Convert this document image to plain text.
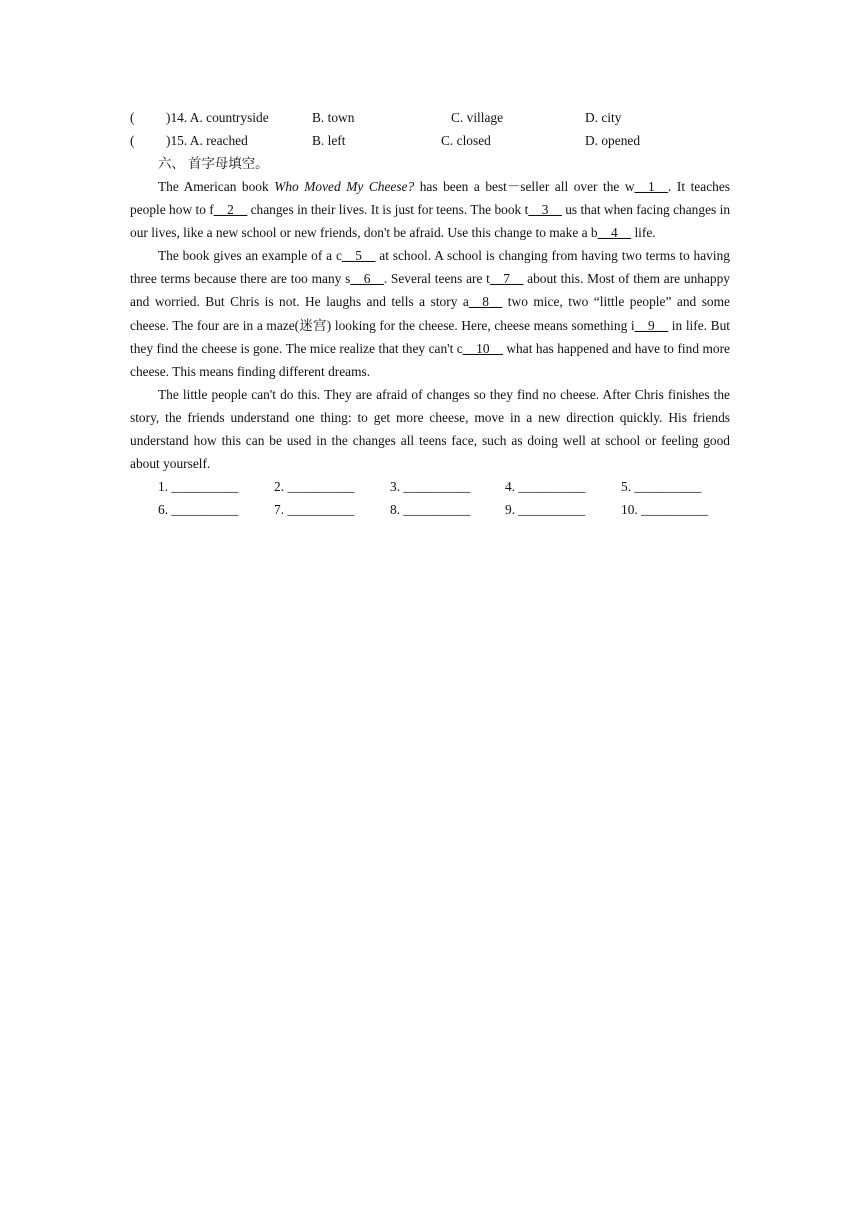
( )14. A. countryside	B. town	C. village	D. city
( )15. A. reached	B. left	C. closed	D. opened
六、 首字母填空。

The American book Who Moved My Cheese? has been a best－seller all over the w__1__. It teaches people how to f__2__ changes in their lives. It is just for teens. The book t__3__ us that when facing changes in our lives, like a new school or new friends, don't be afraid. Use this change to make a b__4__ life.

The book gives an example of a c__5__ at school. A school is changing from having two terms to having three terms because there are too many s__6__. Several teens are t__7__ about this. Most of them are unhappy and worried. But Chris is not. He laughs and tells a story a__8__ two mice, two “little people” and some cheese. The four are in a maze(迷宫) looking for the cheese. Here, cheese means something i__9__ in life. But they find the cheese is gone. The mice realize that they can't c__10__ what has happened and have to find more cheese. This means finding different dreams.

The little people can't do this. They are afraid of changes so they find no cheese. After Chris finishes the story, the friends understand one thing: to get more cheese, move in a new direction quickly. His friends understand how this can be used in the changes all teens face, such as doing well at school or feeling good about yourself.

1. __________	2. __________	3. __________	4. __________	5. __________
6. __________	7. __________	8. __________	9. __________	10. __________
